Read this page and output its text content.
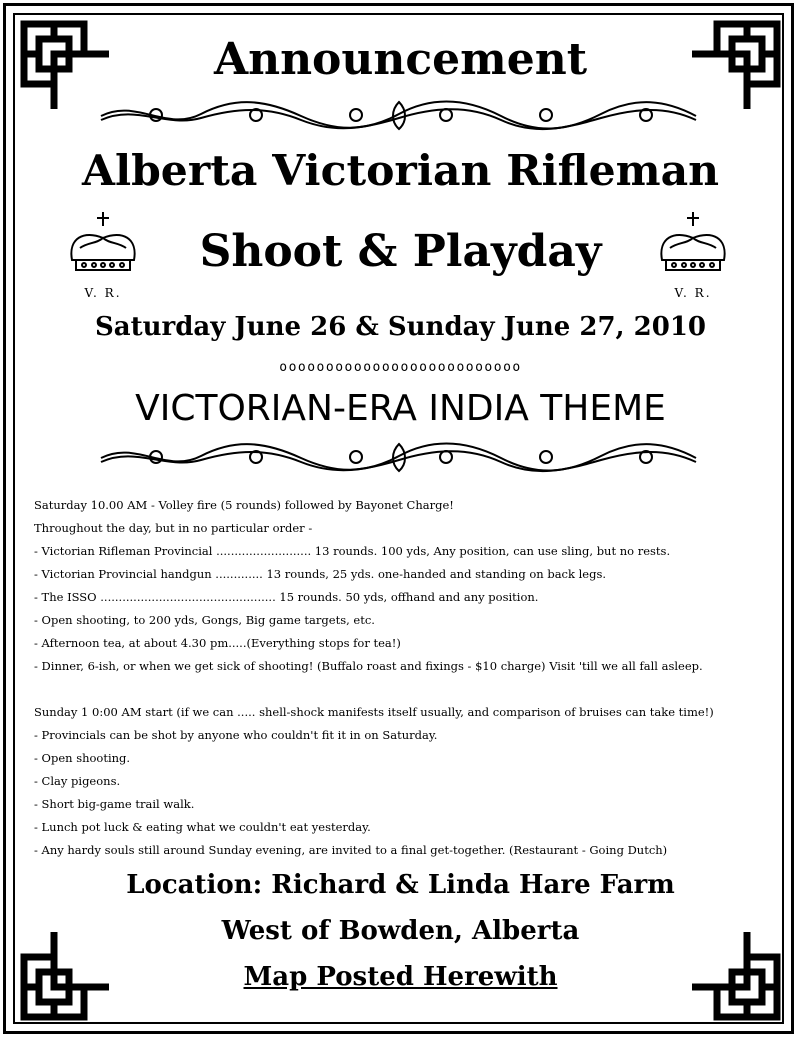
Announcement
Alberta Victorian Rifleman
Shoot & Playday
V. R.	V. R.
Saturday June 26 & Sunday June 27, 2010
oooooooooooooooooooooooooo
VICTORIAN-ERA INDIA THEME
Saturday 10.00 AM - Volley fire (5 rounds) followed by Bayonet Charge!
Throughout the day, but in no particular order -
- Victorian Rifleman Provincial .......................... 13 rounds. 100 yds, Any position, can use sling, but no rests.
- Victorian Provincial handgun ............. 13 rounds, 25 yds. one-handed and standing on back legs.
- The ISSO ................................................ 15 rounds. 50 yds, offhand and any position.
- Open shooting, to 200 yds, Gongs, Big game targets, etc.
- Afternoon tea, at about 4.30 pm.....(Everything stops for tea!)
- Dinner, 6-ish, or when we get sick of shooting! (Buffalo roast and fixings - $10 charge) Visit 'till we all fall asleep.
Sunday 1 0:00 AM start (if we can ..... shell-shock manifests itself usually, and comparison of bruises can take time!)
- Provincials can be shot by anyone who couldn't fit it in on Saturday.
- Open shooting.
- Clay pigeons.
- Short big-game trail walk.
- Lunch pot luck & eating what we couldn't eat yesterday.
- Any hardy souls still around Sunday evening, are invited to a final get-together. (Restaurant - Going Dutch)
Location: Richard & Linda Hare Farm
West of Bowden, Alberta
Map Posted Herewith
